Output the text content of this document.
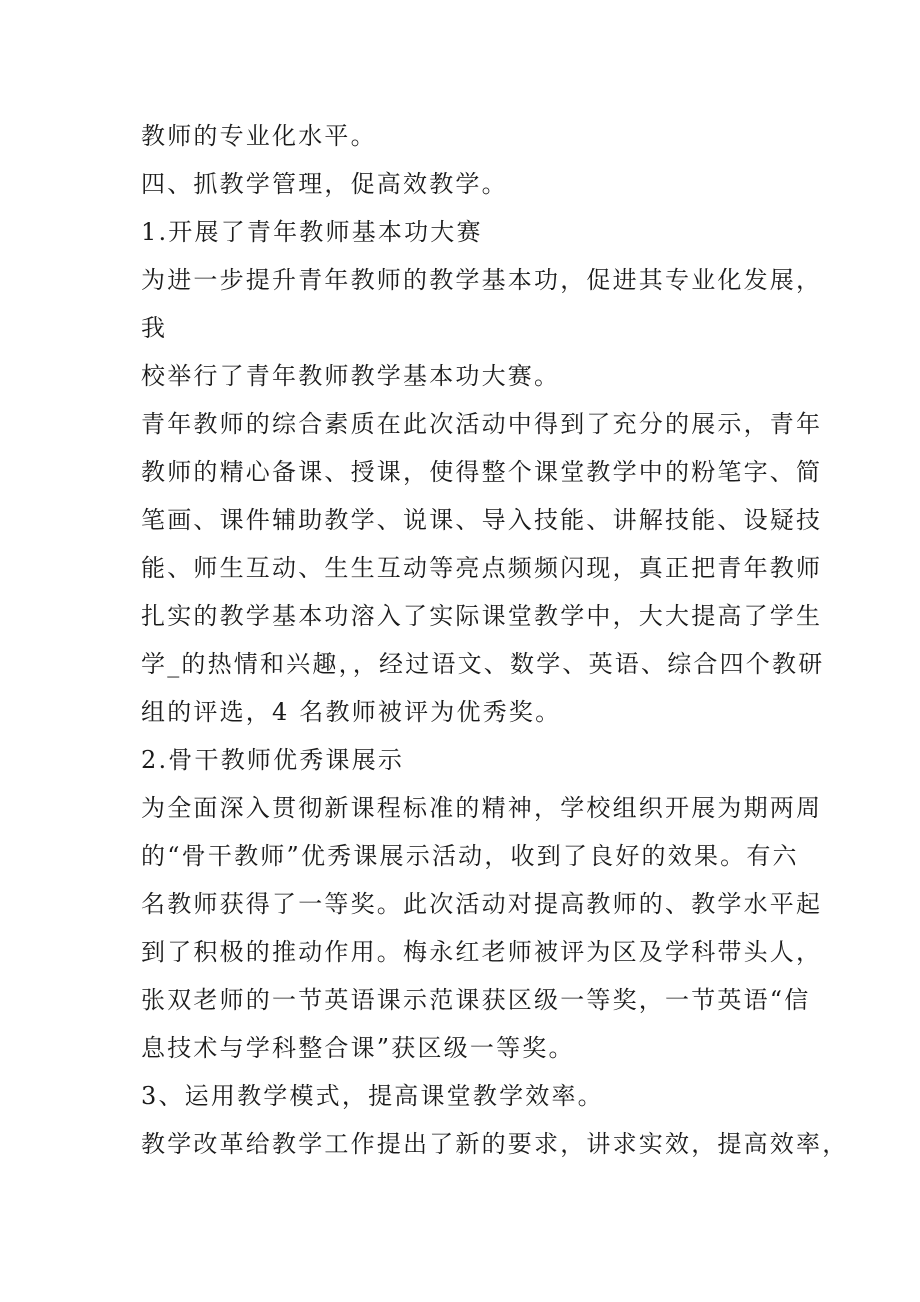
教师的专业化水平。

四、抓教学管理，促高效教学。

1.开展了青年教师基本功大赛

为进一步提升青年教师的教学基本功，促进其专业化发展，

我

校举行了青年教师教学基本功大赛。

青年教师的综合素质在此次活动中得到了充分的展示，青年

教师的精心备课、授课，使得整个课堂教学中的粉笔字、简

笔画、课件辅助教学、说课、导入技能、讲解技能、设疑技

能、师生互动、生生互动等亮点频频闪现，真正把青年教师

扎实的教学基本功溶入了实际课堂教学中，大大提高了学生

学_的热情和兴趣，，经过语文、数学、英语、综合四个教研

组的评选，4 名教师被评为优秀奖。

2.骨干教师优秀课展示

为全面深入贯彻新课程标准的精神，学校组织开展为期两周

的“骨干教师”优秀课展示活动，收到了良好的效果。有六

名教师获得了一等奖。此次活动对提高教师的、教学水平起

到了积极的推动作用。梅永红老师被评为区及学科带头人，

张双老师的一节英语课示范课获区级一等奖，一节英语“信

息技术与学科整合课”获区级一等奖。

3、运用教学模式，提高课堂教学效率。

教学改革给教学工作提出了新的要求，讲求实效，提高效率，
